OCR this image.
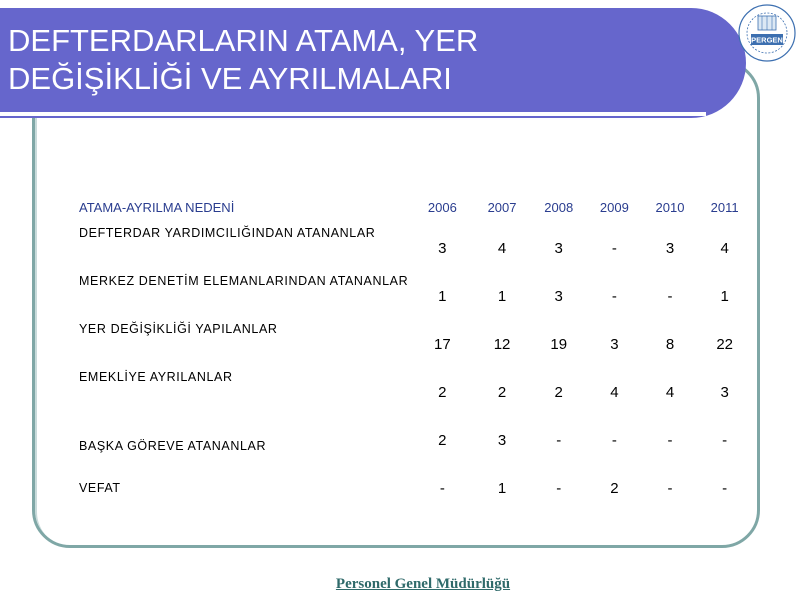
DEFTERDARLARIN ATAMA, YER
DEĞİŞİKLİĞİ VE AYRILMALARI
PERGEN
ATAMA-AYRILMA NEDENİ	2006	2007	2008	2009	2010	2011
DEFTERDAR YARDIMCILIĞINDAN ATANANLAR	3	4	3	-	3	4
MERKEZ DENETİM ELEMANLARINDAN ATANANLAR	1	1	3	-	-	1
YER DEĞİŞİKLİĞİ YAPILANLAR	17	12	19	3	8	22
EMEKLİYE AYRILANLAR	2	2	2	4	4	3
BAŞKA GÖREVE ATANANLAR	2	3	-	-	-	-
VEFAT	-	1	-	2	-	-
Personel Genel Müdürlüğü
